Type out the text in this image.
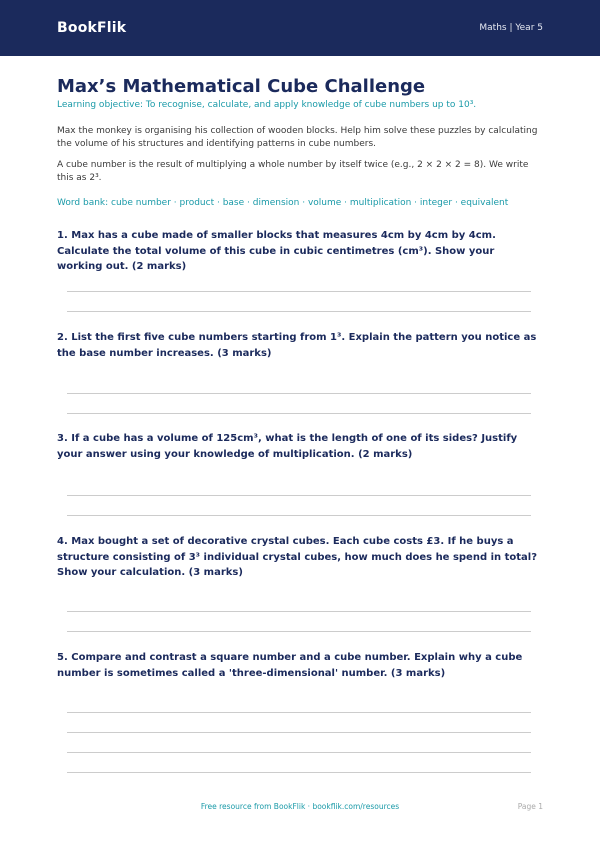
BookFlik	Maths | Year 5
Max’s Mathematical Cube Challenge
Learning objective: To recognise, calculate, and apply knowledge of cube numbers up to 10³.
Max the monkey is organising his collection of wooden blocks. Help him solve these puzzles by calculating the volume of his structures and identifying patterns in cube numbers.
A cube number is the result of multiplying a whole number by itself twice (e.g., 2 × 2 × 2 = 8). We write this as 2³.
Word bank: cube number · product · base · dimension · volume · multiplication · integer · equivalent
1. Max has a cube made of smaller blocks that measures 4cm by 4cm by 4cm. Calculate the total volume of this cube in cubic centimetres (cm³). Show your working out. (2 marks)
2. List the first five cube numbers starting from 1³. Explain the pattern you notice as the base number increases. (3 marks)
3. If a cube has a volume of 125cm³, what is the length of one of its sides? Justify your answer using your knowledge of multiplication. (2 marks)
4. Max bought a set of decorative crystal cubes. Each cube costs £3. If he buys a structure consisting of 3³ individual crystal cubes, how much does he spend in total? Show your calculation. (3 marks)
5. Compare and contrast a square number and a cube number. Explain why a cube number is sometimes called a 'three-dimensional' number. (3 marks)
Free resource from BookFlik · bookflik.com/resources	Page 1
